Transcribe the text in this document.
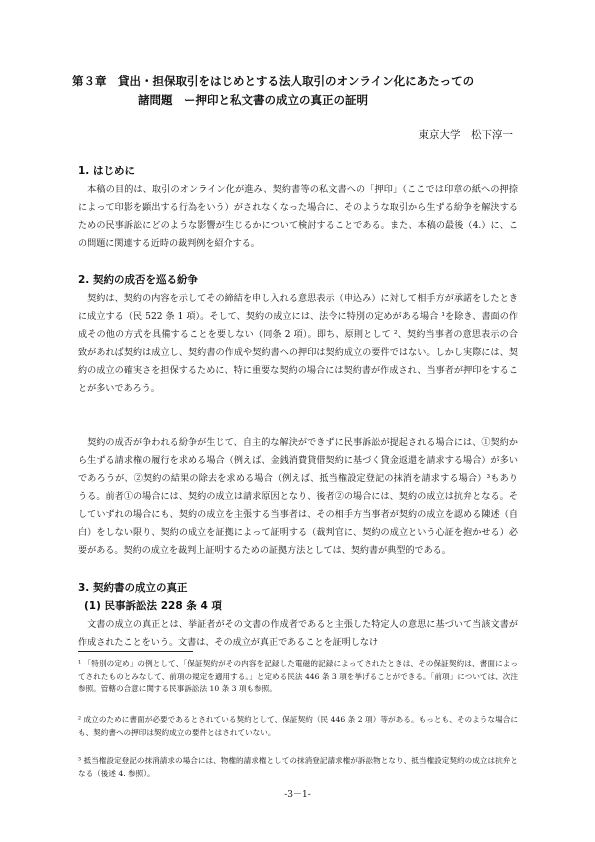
第３章　貸出・担保取引をはじめとする法人取引のオンライン化にあたっての
諸問題　ー押印と私文書の成立の真正の証明
東京大学　松下淳一
1. はじめに
本稿の目的は、取引のオンライン化が進み、契約書等の私文書への「押印」（ここでは印章の紙への押捺によって印影を顕出する行為をいう）がされなくなった場合に、そのような取引から生ずる紛争を解決するための民事訴訟にどのような影響が生じるかについて検討することである。また、本稿の最後（4.）に、この問題に関連する近時の裁判例を紹介する。
2. 契約の成否を巡る紛争
契約は、契約の内容を示してその締結を申し入れる意思表示（申込み）に対して相手方が承諾をしたときに成立する（民 522 条 1 項）。そして、契約の成立には、法令に特別の定めがある場合 ¹を除き、書面の作成その他の方式を具備することを要しない（同条 2 項）。即ち、原則として ²、契約当事者の意思表示の合致があれば契約は成立し、契約書の作成や契約書への押印は契約成立の要件ではない。しかし実際には、契約の成立の確実さを担保するために、特に重要な契約の場合には契約書が作成され、当事者が押印をすることが多いであろう。
契約の成否が争われる紛争が生じて、自主的な解決ができずに民事訴訟が提起される場合には、①契約から生ずる請求権の履行を求める場合（例えば、金銭消費貸借契約に基づく貸金返還を請求する場合）が多いであろうが、②契約の結果の除去を求める場合（例えば、抵当権設定登記の抹消を請求する場合）³もありうる。前者①の場合には、契約の成立は請求原因となり、後者②の場合には、契約の成立は抗弁となる。そしていずれの場合にも、契約の成立を主張する当事者は、その相手方当事者が契約の成立を認める陳述（自白）をしない限り、契約の成立を証拠によって証明する（裁判官に、契約の成立という心証を抱かせる）必要がある。契約の成立を裁判上証明するための証拠方法としては、契約書が典型的である。
3. 契約書の成立の真正
(1) 民事訴訟法 228 条 4 項
文書の成立の真正とは、挙証者がその文書の作成者であると主張した特定人の意思に基づいて当該文書が作成されたことをいう。文書は、その成立が真正であることを証明しなけ
¹ 「特別の定め」の例として、「保証契約がその内容を記録した電磁的記録によってされたときは、その保証契約は、書面によってされたものとみなして、前項の規定を適用する。」と定める民法 446 条 3 項を挙げることができる。「前項」については、次注参照。管轄の合意に関する民事訴訟法 10 条 3 項も参照。
² 成立のために書面が必要であるとされている契約として、保証契約（民 446 条 2 項）等がある。もっとも、そのような場合にも、契約書への押印は契約成立の要件とはされていない。
³ 抵当権設定登記の抹消請求の場合には、物権的請求権としての抹消登記請求権が訴訟物となり、抵当権設定契約の成立は抗弁となる（後述 4. 参照）。
-3－1-
